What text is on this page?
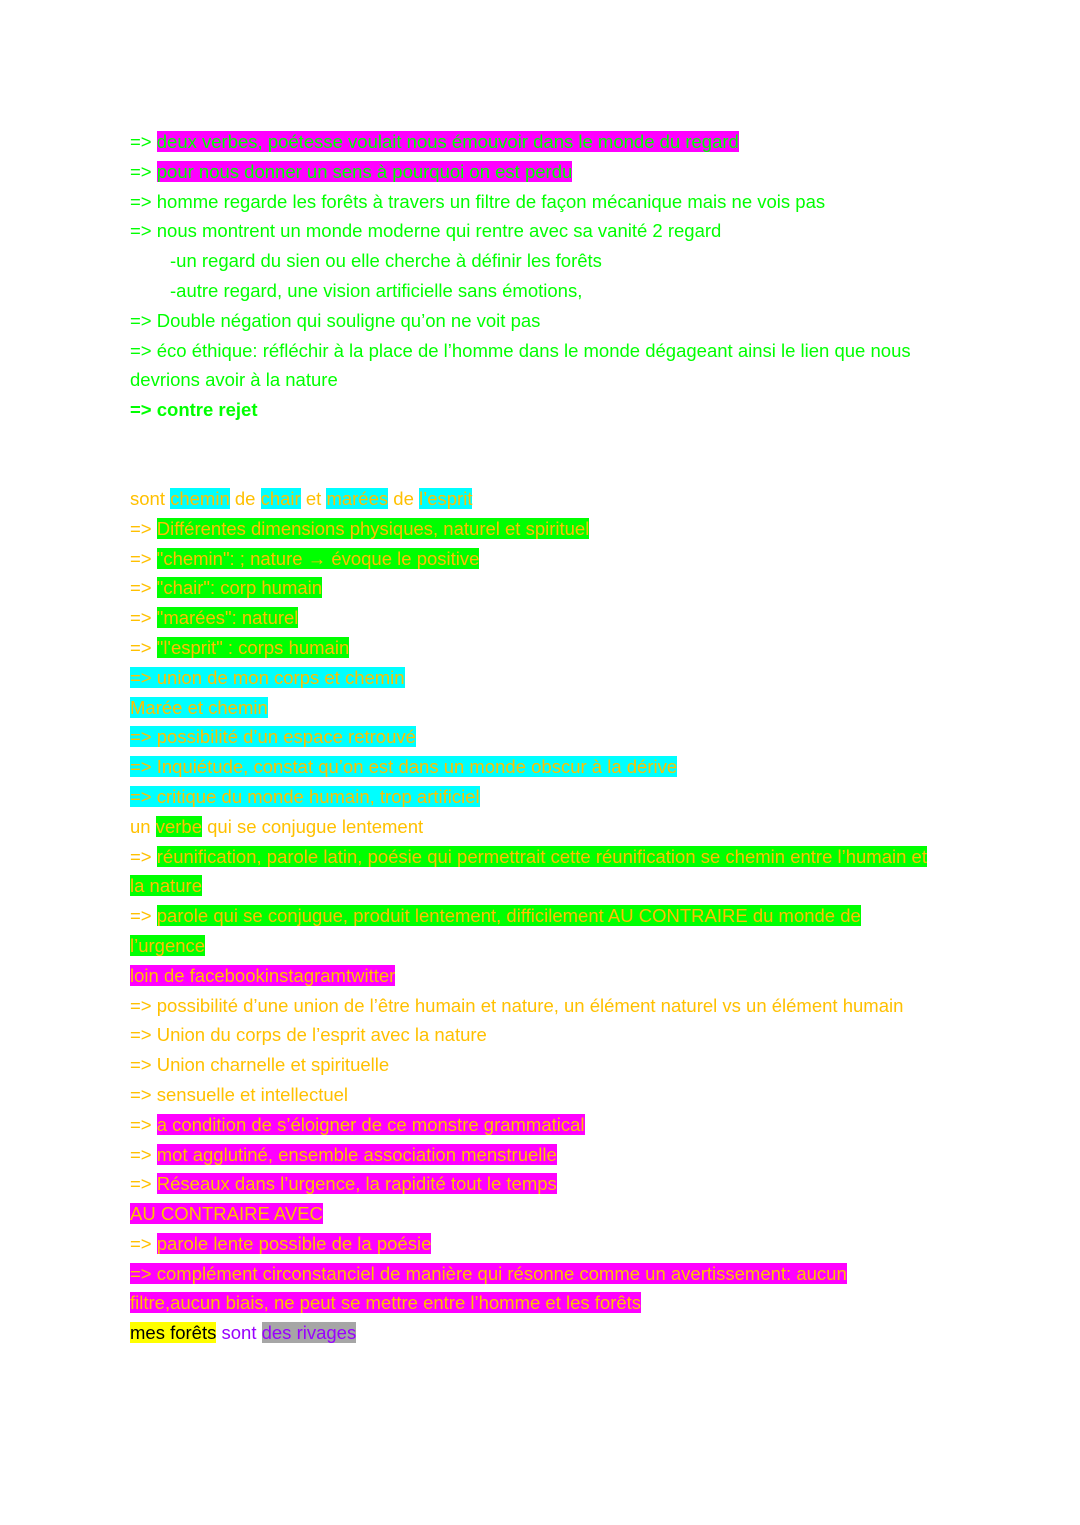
=> deux verbes, poétesse voulait nous émouvoir dans le monde du regard
=> pour nous donner un sens à pourquoi on est perdu
=> homme regarde les forêts à travers un filtre de façon mécanique mais ne vois pas
=> nous montrent un monde moderne qui rentre avec sa vanité 2 regard
-un regard du sien ou elle cherche à définir les forêts
-autre regard, une vision artificielle sans émotions,
=> Double négation qui souligne qu’on ne voit pas
=> éco éthique: réfléchir à la place de l’homme dans le monde dégageant ainsi le lien que nous devrions avoir à la nature
=> contre rejet
sont chemin de chair et marées de l’esprit
=> Différentes dimensions physiques, naturel et spirituel
=> "chemin": ; nature → évoque le positive
=> "chair": corp humain
=> "marées": naturel
=> "l'esprit" : corps humain
=> union de mon corps et chemin
Marée et chemin
=> possibilité d’un espace retrouvé
=> Inquiétude, constat qu’on est dans un monde obscur à la dérive
=> critique du monde humain, trop artificiel
un verbe qui se conjugue lentement
=> réunification, parole latin, poésie qui permettrait cette réunification se chemin entre l’humain et la nature
=> parole qui se conjugue, produit lentement, difficilement AU CONTRAIRE du monde de l’urgence
loin de facebookinstagramtwitter
=> possibilité d’une union de l’être humain et nature, un élément naturel vs un élément humain
=> Union du corps de l’esprit avec la nature
=> Union charnelle et spirituelle
=> sensuelle et intellectuel
=> a condition de s’éloigner de ce monstre grammatical
=> mot agglutiné, ensemble association menstruelle
=> Réseaux dans l’urgence, la rapidité tout le temps
AU CONTRAIRE AVEC
=> parole lente possible de la poésie
=> complément circonstanciel de manière qui résonne comme un avertissement: aucun filtre,aucun biais, ne peut se mettre entre l’homme et les forêts
mes forêts sont des rivages
